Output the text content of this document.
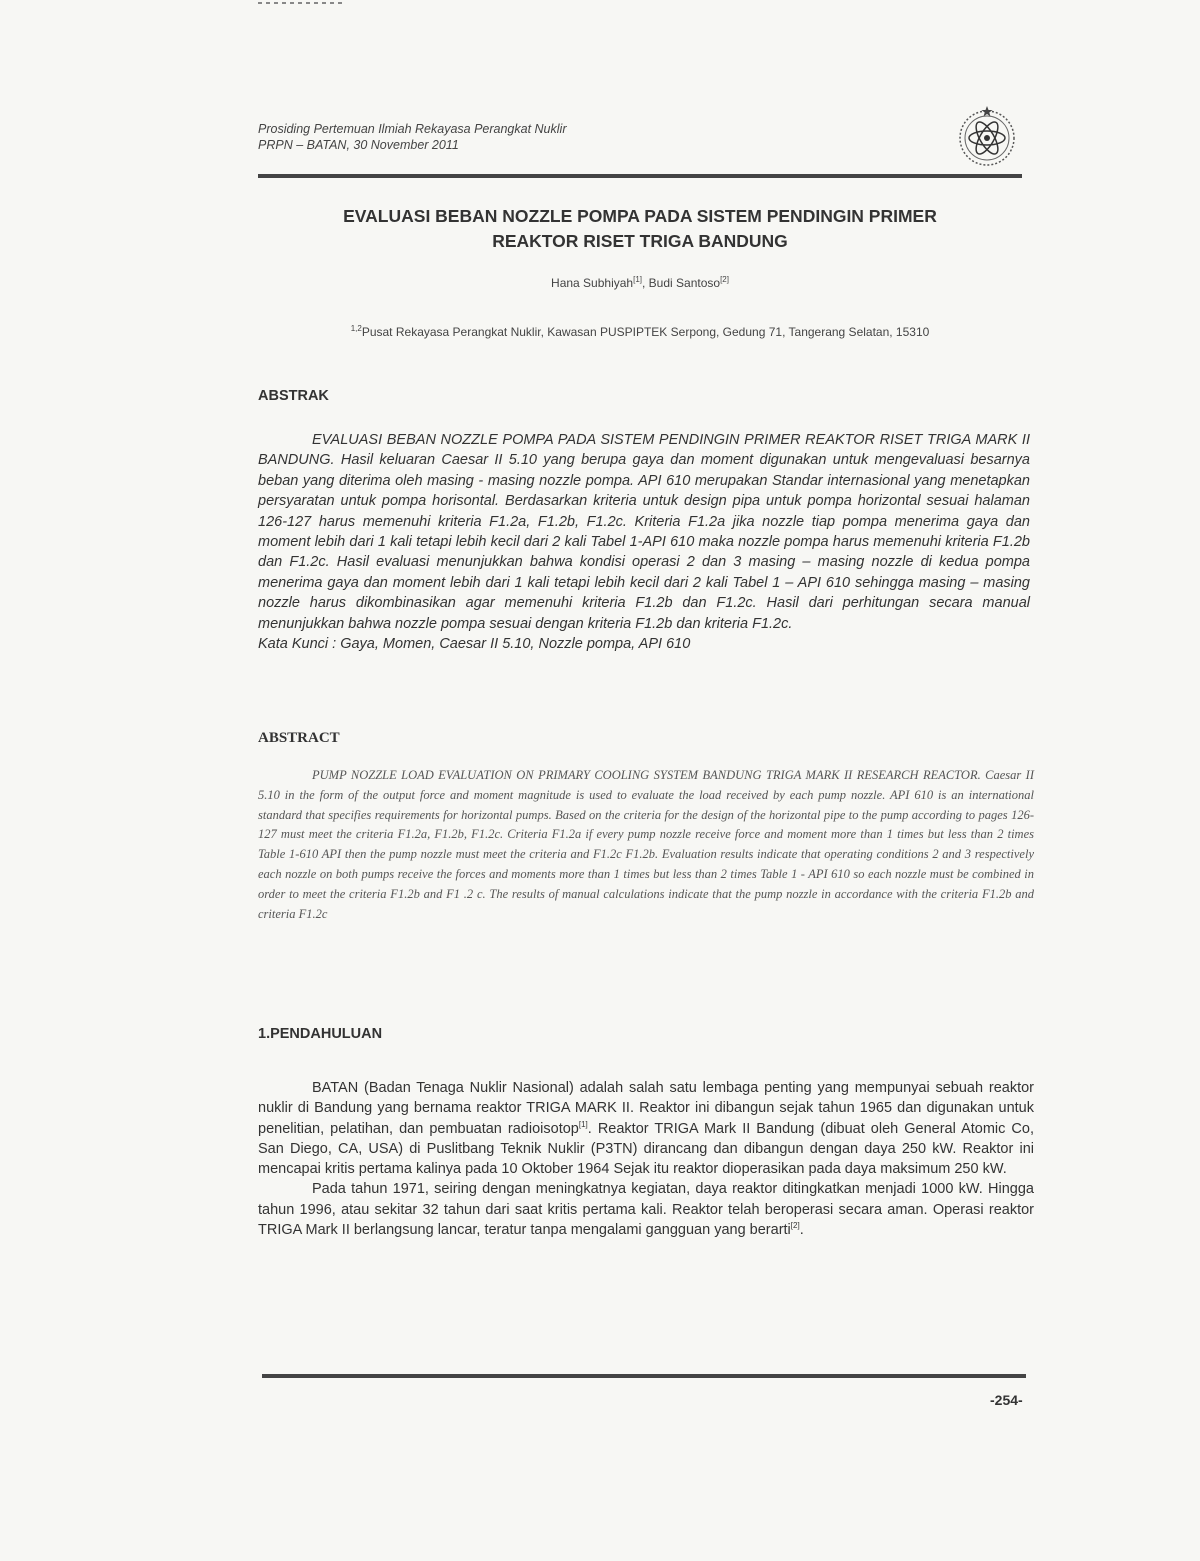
Prosiding Pertemuan Ilmiah Rekayasa Perangkat Nuklir
PRPN – BATAN, 30 November 2011
EVALUASI BEBAN NOZZLE POMPA PADA SISTEM PENDINGIN PRIMER
REAKTOR RISET TRIGA BANDUNG
Hana Subhiyah[1], Budi Santoso[2]
$^{1,2}$Pusat Rekayasa Perangkat Nuklir, Kawasan PUSPIPTEK Serpong, Gedung 71, Tangerang Selatan, 15310
ABSTRAK

EVALUASI BEBAN NOZZLE POMPA PADA SISTEM PENDINGIN PRIMER REAKTOR RISET TRIGA MARK II BANDUNG. Hasil keluaran Caesar II 5.10 yang berupa gaya dan moment digunakan untuk mengevaluasi besarnya beban yang diterima oleh masing - masing nozzle pompa. API 610 merupakan Standar internasional yang menetapkan persyaratan untuk pompa horisontal. Berdasarkan kriteria untuk design pipa untuk pompa horizontal sesuai halaman 126-127 harus memenuhi kriteria F1.2a, F1.2b, F1.2c. Kriteria F1.2a jika nozzle tiap pompa menerima gaya dan moment lebih dari 1 kali tetapi lebih kecil dari 2 kali Tabel 1-API 610 maka nozzle pompa harus memenuhi kriteria F1.2b dan F1.2c. Hasil evaluasi menunjukkan bahwa kondisi operasi 2 dan 3 masing – masing nozzle di kedua pompa menerima gaya dan moment lebih dari 1 kali tetapi lebih kecil dari 2 kali Tabel 1 – API 610 sehingga masing – masing nozzle harus dikombinasikan agar memenuhi kriteria F1.2b dan F1.2c. Hasil dari perhitungan secara manual menunjukkan bahwa nozzle pompa sesuai dengan kriteria F1.2b dan kriteria F1.2c.

Kata Kunci : Gaya, Momen, Caesar II 5.10, Nozzle pompa, API 610

ABSTRACT

PUMP NOZZLE LOAD EVALUATION ON PRIMARY COOLING SYSTEM BANDUNG TRIGA MARK II RESEARCH REACTOR. Caesar II 5.10 in the form of the output force and moment magnitude is used to evaluate the load received by each pump nozzle. API 610 is an international standard that specifies requirements for horizontal pumps. Based on the criteria for the design of the horizontal pipe to the pump according to pages 126-127 must meet the criteria F1.2a, F1.2b, F1.2c. Criteria F1.2a if every pump nozzle receive force and moment more than 1 times but less than 2 times Table 1-610 API then the pump nozzle must meet the criteria and F1.2c F1.2b. Evaluation results indicate that operating conditions 2 and 3 respectively each nozzle on both pumps receive the forces and moments more than 1 times but less than 2 times Table 1 - API 610 so each nozzle must be combined in order to meet the criteria F1.2b and F1 .2 c. The results of manual calculations indicate that the pump nozzle in accordance with the criteria F1.2b and criteria F1.2c

1.PENDAHULUAN

BATAN (Badan Tenaga Nuklir Nasional) adalah salah satu lembaga penting yang mempunyai sebuah reaktor nuklir di Bandung yang bernama reaktor TRIGA MARK II. Reaktor ini dibangun sejak tahun 1965 dan digunakan untuk penelitian, pelatihan, dan pembuatan radioisotop[1]. Reaktor TRIGA Mark II Bandung (dibuat oleh General Atomic Co, San Diego, CA, USA) di Puslitbang Teknik Nuklir (P3TN) dirancang dan dibangun dengan daya 250 kW. Reaktor ini mencapai kritis pertama kalinya pada 10 Oktober 1964 Sejak itu reaktor dioperasikan pada daya maksimum 250 kW.

Pada tahun 1971, seiring dengan meningkatnya kegiatan, daya reaktor ditingkatkan menjadi 1000 kW. Hingga tahun 1996, atau sekitar 32 tahun dari saat kritis pertama kali. Reaktor telah beroperasi secara aman. Operasi reaktor TRIGA Mark II berlangsung lancar, teratur tanpa mengalami gangguan yang berarti[2].

-254-
